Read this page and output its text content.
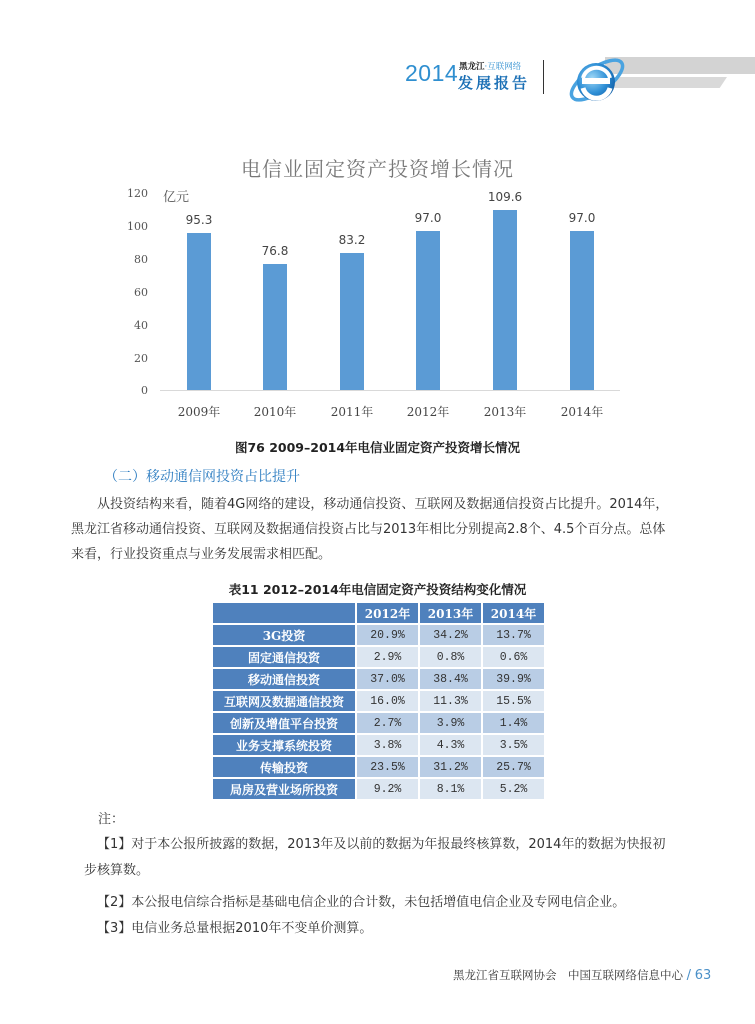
2014 黑龙江·互联网络
发展报告
电信业固定资产投资增长情况
120
100
80
60
40
20
0
亿元
95.3
2009年
76.8
2010年
83.2
2011年
97.0
2012年
109.6
2013年
97.0
2014年
图76 2009–2014年电信业固定资产投资增长情况
（二）移动通信网投资占比提升

从投资结构来看，随着4G网络的建设，移动通信投资、互联网及数据通信投资占比提升。2014年，

黑龙江省移动通信投资、互联网及数据通信投资占比与2013年相比分别提高2.8个、4.5个百分点。总体

来看，行业投资重点与业务发展需求相匹配。

表11 2012–2014年电信固定资产投资结构变化情况
	2012年	2013年	2014年
3G投资	20.9%	34.2%	13.7%
固定通信投资	2.9%	0.8%	0.6%
移动通信投资	37.0%	38.4%	39.9%
互联网及数据通信投资	16.0%	11.3%	15.5%
创新及增值平台投资	2.7%	3.9%	1.4%
业务支撑系统投资	3.8%	4.3%	3.5%
传输投资	23.5%	31.2%	25.7%
局房及营业场所投资	9.2%	8.1%	5.2%
注：
【1】对于本公报所披露的数据，2013年及以前的数据为年报最终核算数，2014年的数据为快报初
步核算数。
【2】本公报电信综合指标是基础电信企业的合计数，未包括增值电信企业及专网电信企业。
【3】电信业务总量根据2010年不变单价测算。
黑龙江省互联网协会　中国互联网络信息中心 / 63
